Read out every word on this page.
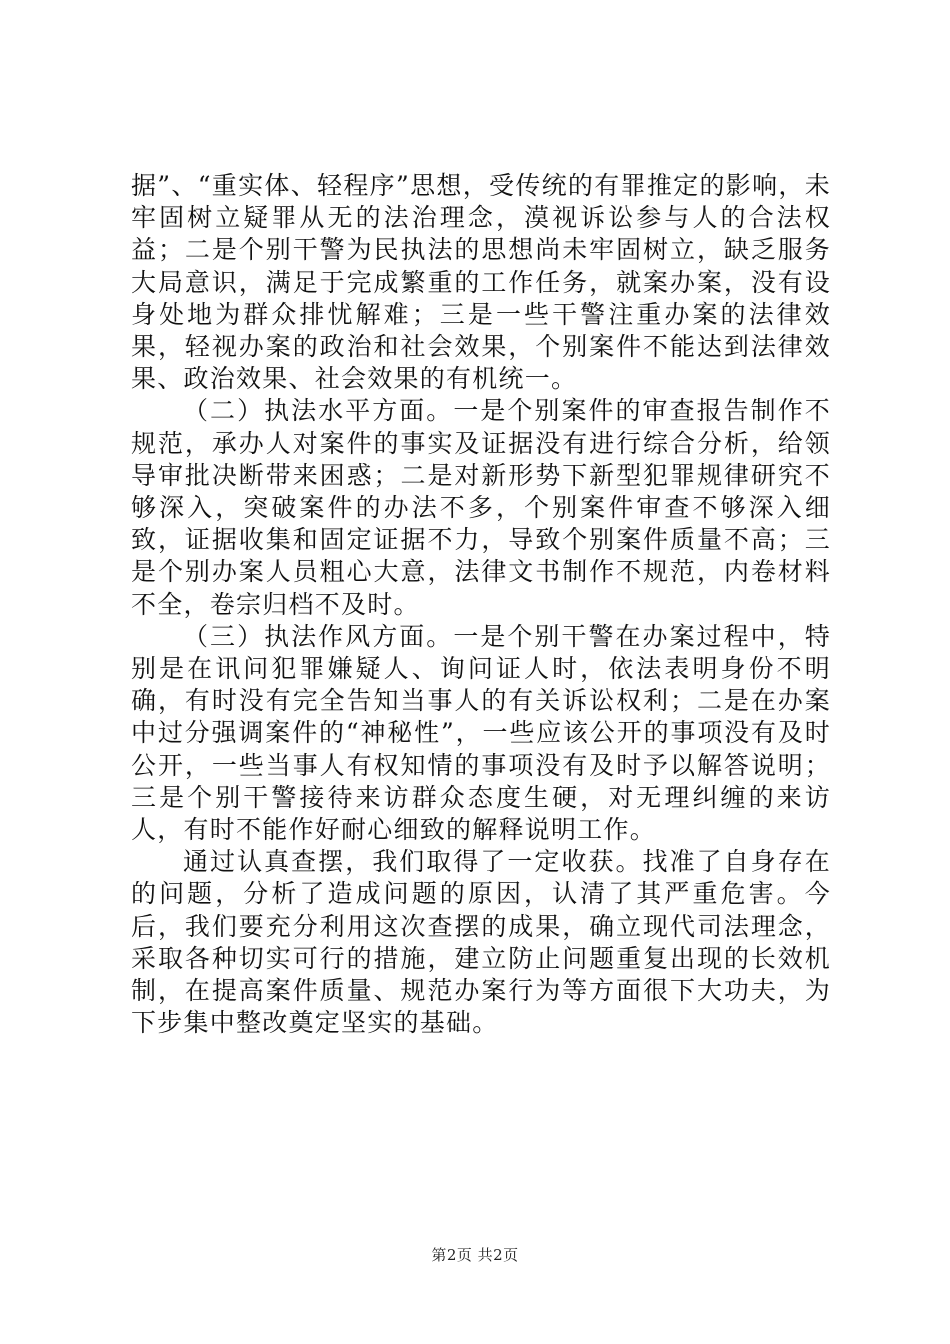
据”、“重实体、轻程序”思想，受传统的有罪推定的影响，未牢固树立疑罪从无的法治理念，漠视诉讼参与人的合法权益；二是个别干警为民执法的思想尚未牢固树立，缺乏服务大局意识，满足于完成繁重的工作任务，就案办案，没有设身处地为群众排忧解难；三是一些干警注重办案的法律效果，轻视办案的政治和社会效果，个别案件不能达到法律效果、政治效果、社会效果的有机统一。

（二）执法水平方面。一是个别案件的审查报告制作不规范，承办人对案件的事实及证据没有进行综合分析，给领导审批决断带来困惑；二是对新形势下新型犯罪规律研究不够深入，突破案件的办法不多，个别案件审查不够深入细致，证据收集和固定证据不力，导致个别案件质量不高；三是个别办案人员粗心大意，法律文书制作不规范，内卷材料不全，卷宗归档不及时。

（三）执法作风方面。一是个别干警在办案过程中，特别是在讯问犯罪嫌疑人、询问证人时，依法表明身份不明确，有时没有完全告知当事人的有关诉讼权利；二是在办案中过分强调案件的“神秘性”，一些应该公开的事项没有及时公开，一些当事人有权知情的事项没有及时予以解答说明；三是个别干警接待来访群众态度生硬，对无理纠缠的来访人，有时不能作好耐心细致的解释说明工作。

通过认真查摆，我们取得了一定收获。找准了自身存在的问题，分析了造成问题的原因，认清了其严重危害。今后，我们要充分利用这次查摆的成果，确立现代司法理念，采取各种切实可行的措施，建立防止问题重复出现的长效机制，在提高案件质量、规范办案行为等方面很下大功夫，为下步集中整改奠定坚实的基础。

第2页 共2页
